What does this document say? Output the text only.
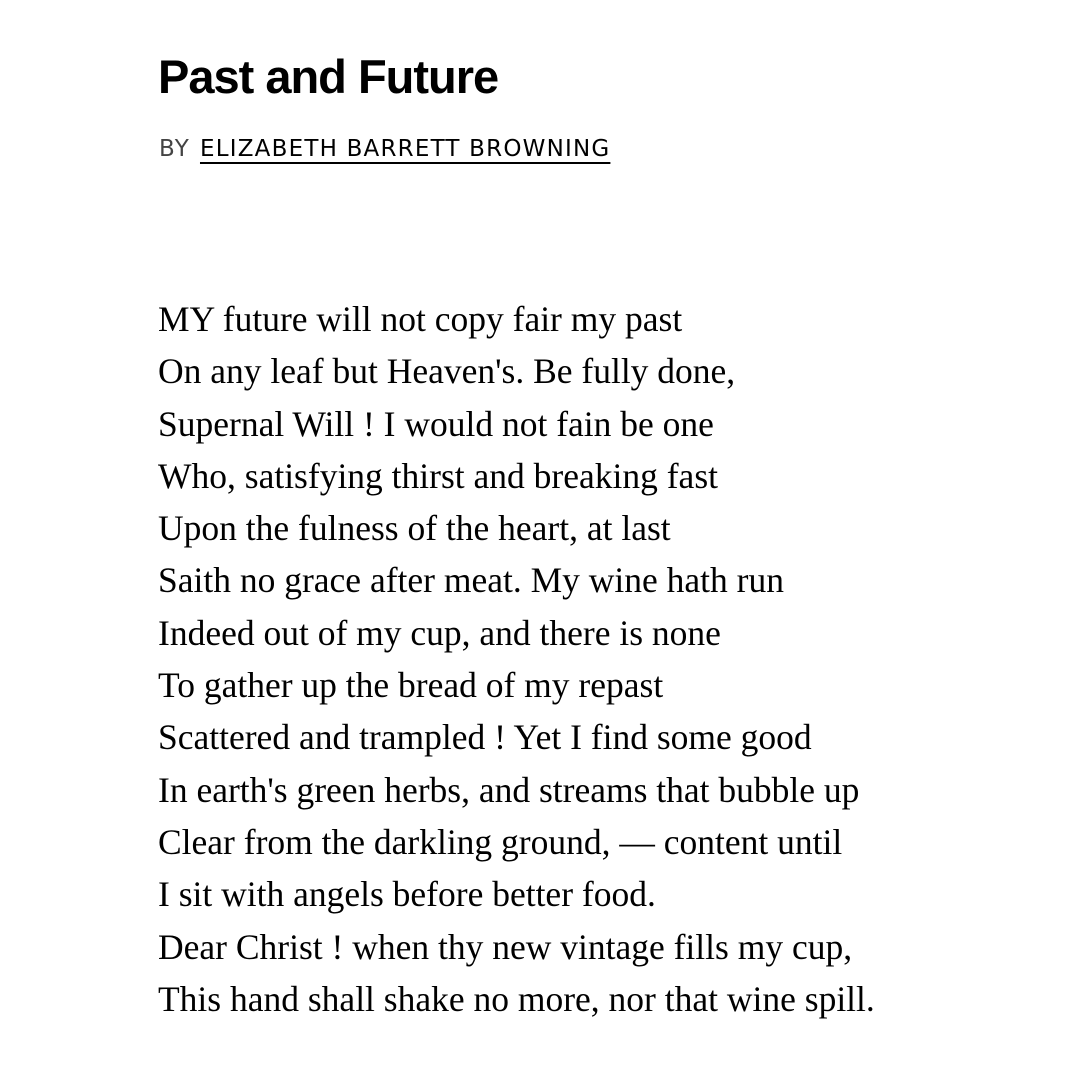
Past and Future
BY ELIZABETH BARRETT BROWNING
MY future will not copy fair my past
On any leaf but Heaven's. Be fully done,
Supernal Will ! I would not fain be one
Who, satisfying thirst and breaking fast
Upon the fulness of the heart, at last
Saith no grace after meat. My wine hath run
Indeed out of my cup, and there is none
To gather up the bread of my repast
Scattered and trampled ! Yet I find some good
In earth's green herbs, and streams that bubble up
Clear from the darkling ground, — content until
I sit with angels before better food.
Dear Christ ! when thy new vintage fills my cup,
This hand shall shake no more, nor that wine spill.
